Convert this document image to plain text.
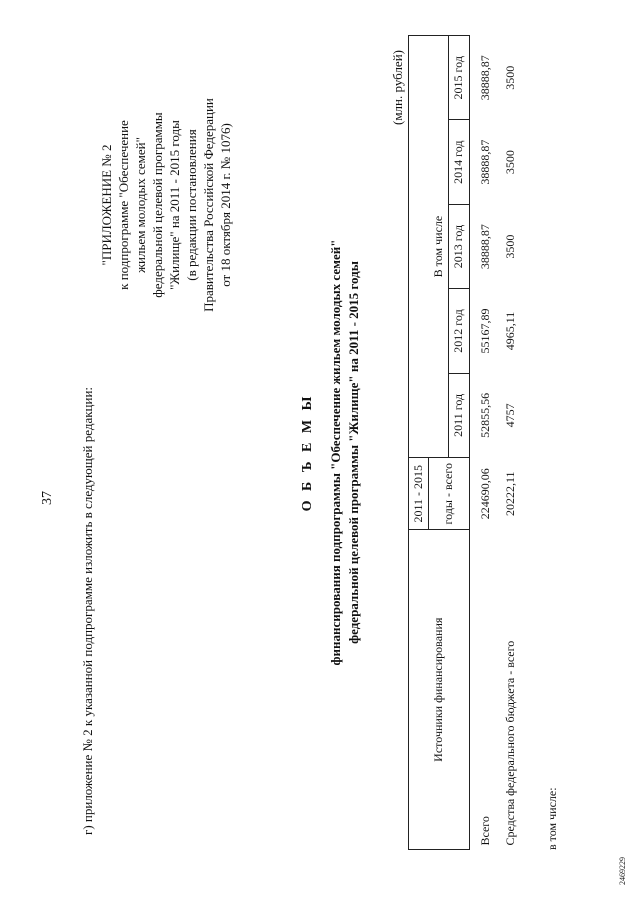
37 г) приложение № 2 к указанной подпрограмме изложить в следующей редакции:
"ПРИЛОЖЕНИЕ № 2 к подпрограмме "Обеспечение жильем молодых семей" федеральной целевой программы "Жилище" на 2011 - 2015 годы (в редакции постановления Правительства Российской Федерации от 18 октября 2014 г. № 1076)
О Б Ъ Е М Ы финансирования подпрограммы "Обеспечение жильем молодых семей" федеральной целевой программы "Жилище" на 2011 - 2015 годы
(млн. рублей)
Источники финансирования	2011 - 2015					
	годы - всего	В том числе				
		2011 год	2012 год	2013 год	2014 год	2015 год
Всего	224690,06	52855,56	55167,89	38888,87	38888,87	38888,87
Средства федерального бюджета - всего	20222,11	4757	4965,11	3500	3500	3500
в том числе:
2469229
